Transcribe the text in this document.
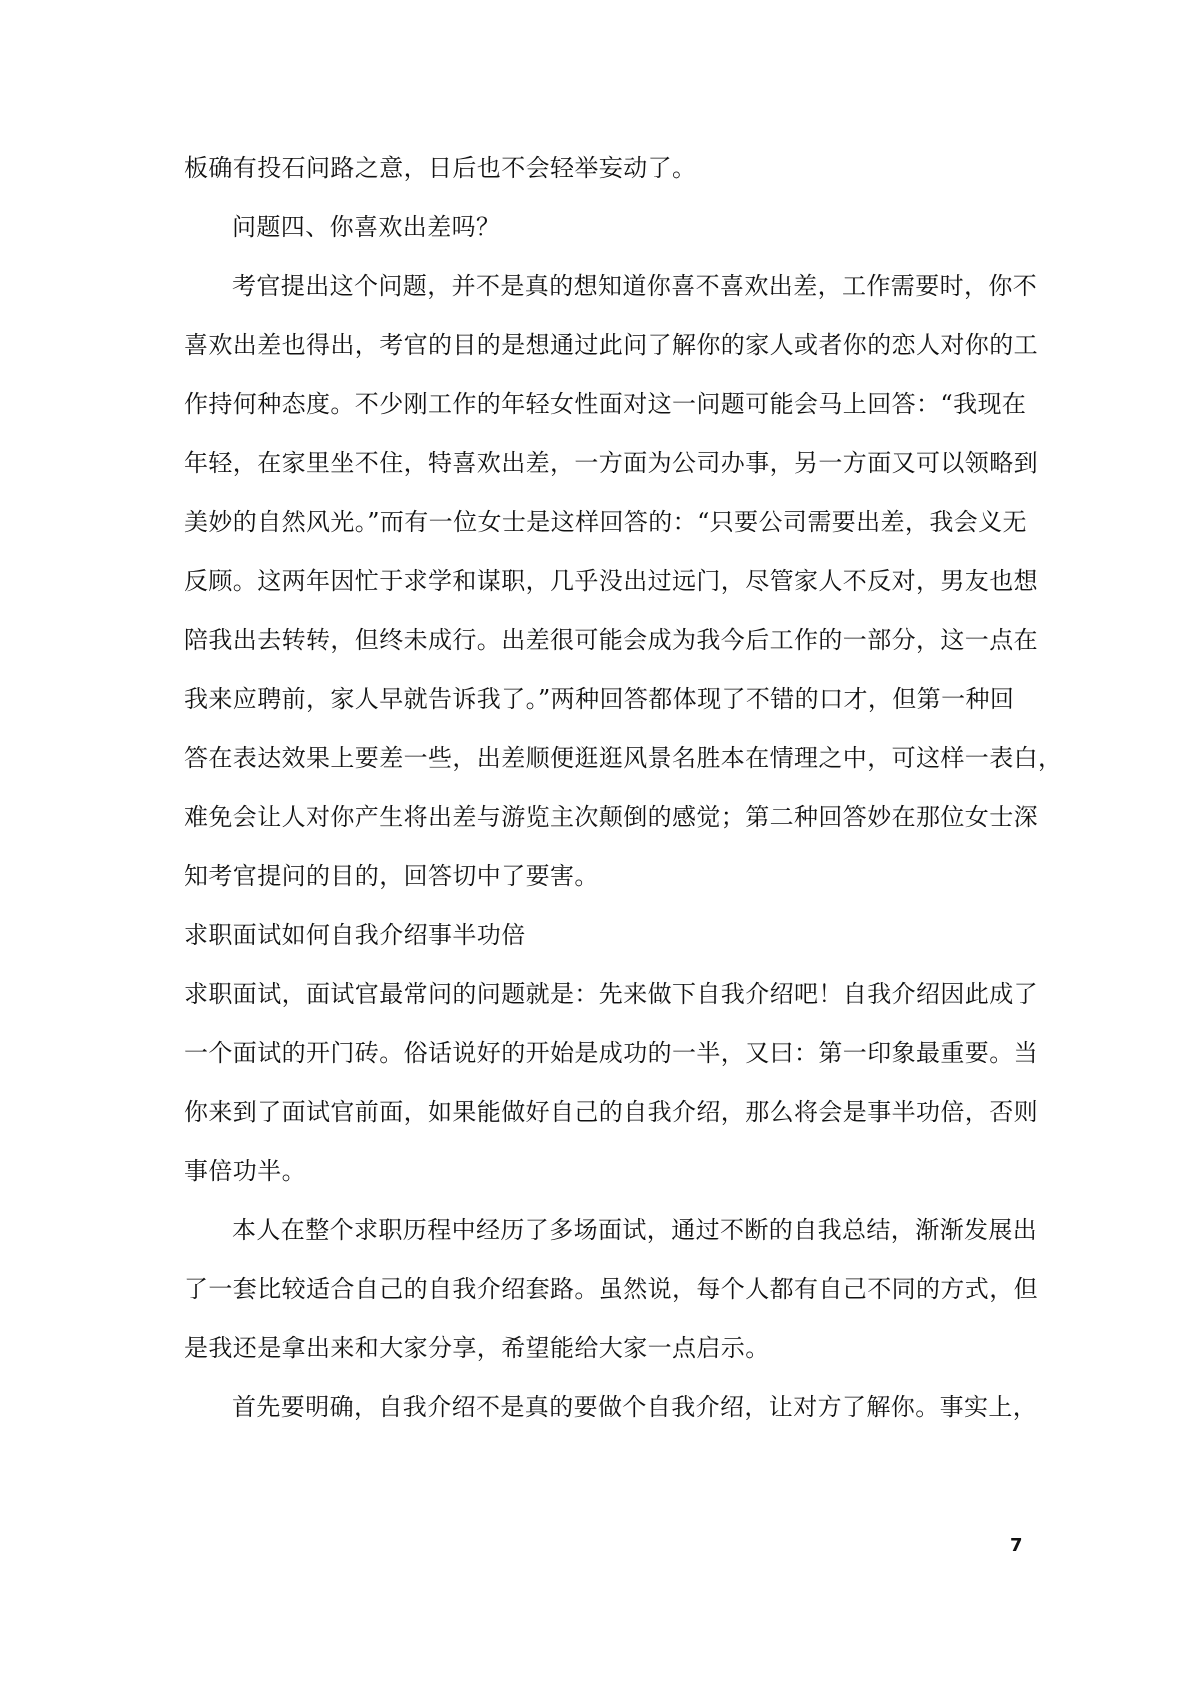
板确有投石问路之意，日后也不会轻举妄动了。
问题四、你喜欢出差吗？
考官提出这个问题，并不是真的想知道你喜不喜欢出差，工作需要时，你不
喜欢出差也得出，考官的目的是想通过此问了解你的家人或者你的恋人对你的工
作持何种态度。不少刚工作的年轻女性面对这一问题可能会马上回答：“我现在
年轻，在家里坐不住，特喜欢出差，一方面为公司办事，另一方面又可以领略到
美妙的自然风光。”而有一位女士是这样回答的：“只要公司需要出差，我会义无
反顾。这两年因忙于求学和谋职，几乎没出过远门，尽管家人不反对，男友也想
陪我出去转转，但终未成行。出差很可能会成为我今后工作的一部分，这一点在
我来应聘前，家人早就告诉我了。”两种回答都体现了不错的口才，但第一种回
答在表达效果上要差一些，出差顺便逛逛风景名胜本在情理之中，可这样一表白，
难免会让人对你产生将出差与游览主次颠倒的感觉；第二种回答妙在那位女士深
知考官提问的目的，回答切中了要害。
求职面试如何自我介绍事半功倍
求职面试，面试官最常问的问题就是：先来做下自我介绍吧！自我介绍因此成了
一个面试的开门砖。俗话说好的开始是成功的一半，又曰：第一印象最重要。当
你来到了面试官前面，如果能做好自己的自我介绍，那么将会是事半功倍，否则
事倍功半。
本人在整个求职历程中经历了多场面试，通过不断的自我总结，渐渐发展出
了一套比较适合自己的自我介绍套路。虽然说，每个人都有自己不同的方式，但
是我还是拿出来和大家分享，希望能给大家一点启示。
首先要明确，自我介绍不是真的要做个自我介绍，让对方了解你。事实上，
7
